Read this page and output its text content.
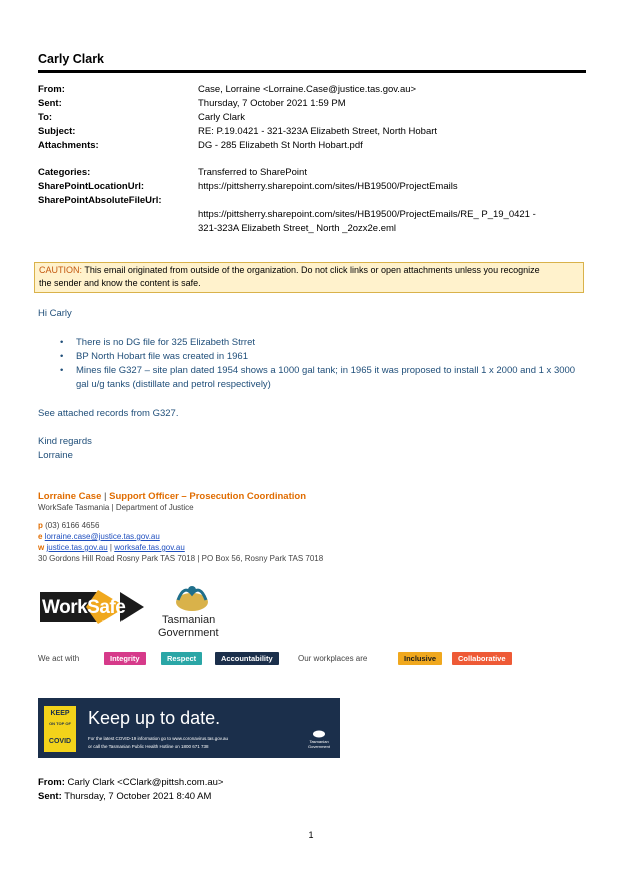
Carly Clark
From:	Case, Lorraine <Lorraine.Case@justice.tas.gov.au>
Sent:	Thursday, 7 October 2021 1:59 PM
To:	Carly Clark
Subject:	RE: P.19.0421 - 321-323A Elizabeth Street, North Hobart
Attachments:	DG - 285 Elizabeth St North Hobart.pdf
Categories:	Transferred to SharePoint
SharePointLocationUrl:	https://pittsherry.sharepoint.com/sites/HB19500/ProjectEmails
SharePointAbsoluteFileUrl:
https://pittsherry.sharepoint.com/sites/HB19500/ProjectEmails/RE_ P_19_0421 -
321-323A Elizabeth Street_ North _2ozx2e.eml
CAUTION: This email originated from outside of the organization. Do not click links or open attachments unless you recognize
the sender and know the content is safe.
Hi Carly
• There is no DG file for 325 Elizabeth Strret
• BP North Hobart file was created in 1961
• Mines file G327 – site plan dated 1954 shows a 1000 gal tank; in 1965 it was proposed to install 1 x 2000 and 1 x 3000 gal u/g tanks (distillate and petrol respectively)
See attached records from G327.
Kind regards
Lorraine
Lorraine Case | Support Officer – Prosecution Coordination
WorkSafe Tasmania | Department of Justice
p (03) 6166 4656
e lorraine.case@justice.tas.gov.au
w justice.tas.gov.au | worksafe.tas.gov.au
30 Gordons Hill Road Rosny Park TAS 7018 | PO Box 56, Rosny Park TAS 7018
WorkSafe
TASMANIA	Tasmanian
Government
We act with	Integrity	Respect	Accountability	Our workplaces are	Inclusive	Collaborative
KEEP
ON TOP OF
COVID
Keep up to date.
For the latest COVID-19 information go to www.coronavirus.tas.gov.au
or call the Tasmanian Public Health Hotline on 1800 671 738
Tasmanian
Government
From: Carly Clark <CClark@pittsh.com.au>
Sent: Thursday, 7 October 2021 8:40 AM
1
